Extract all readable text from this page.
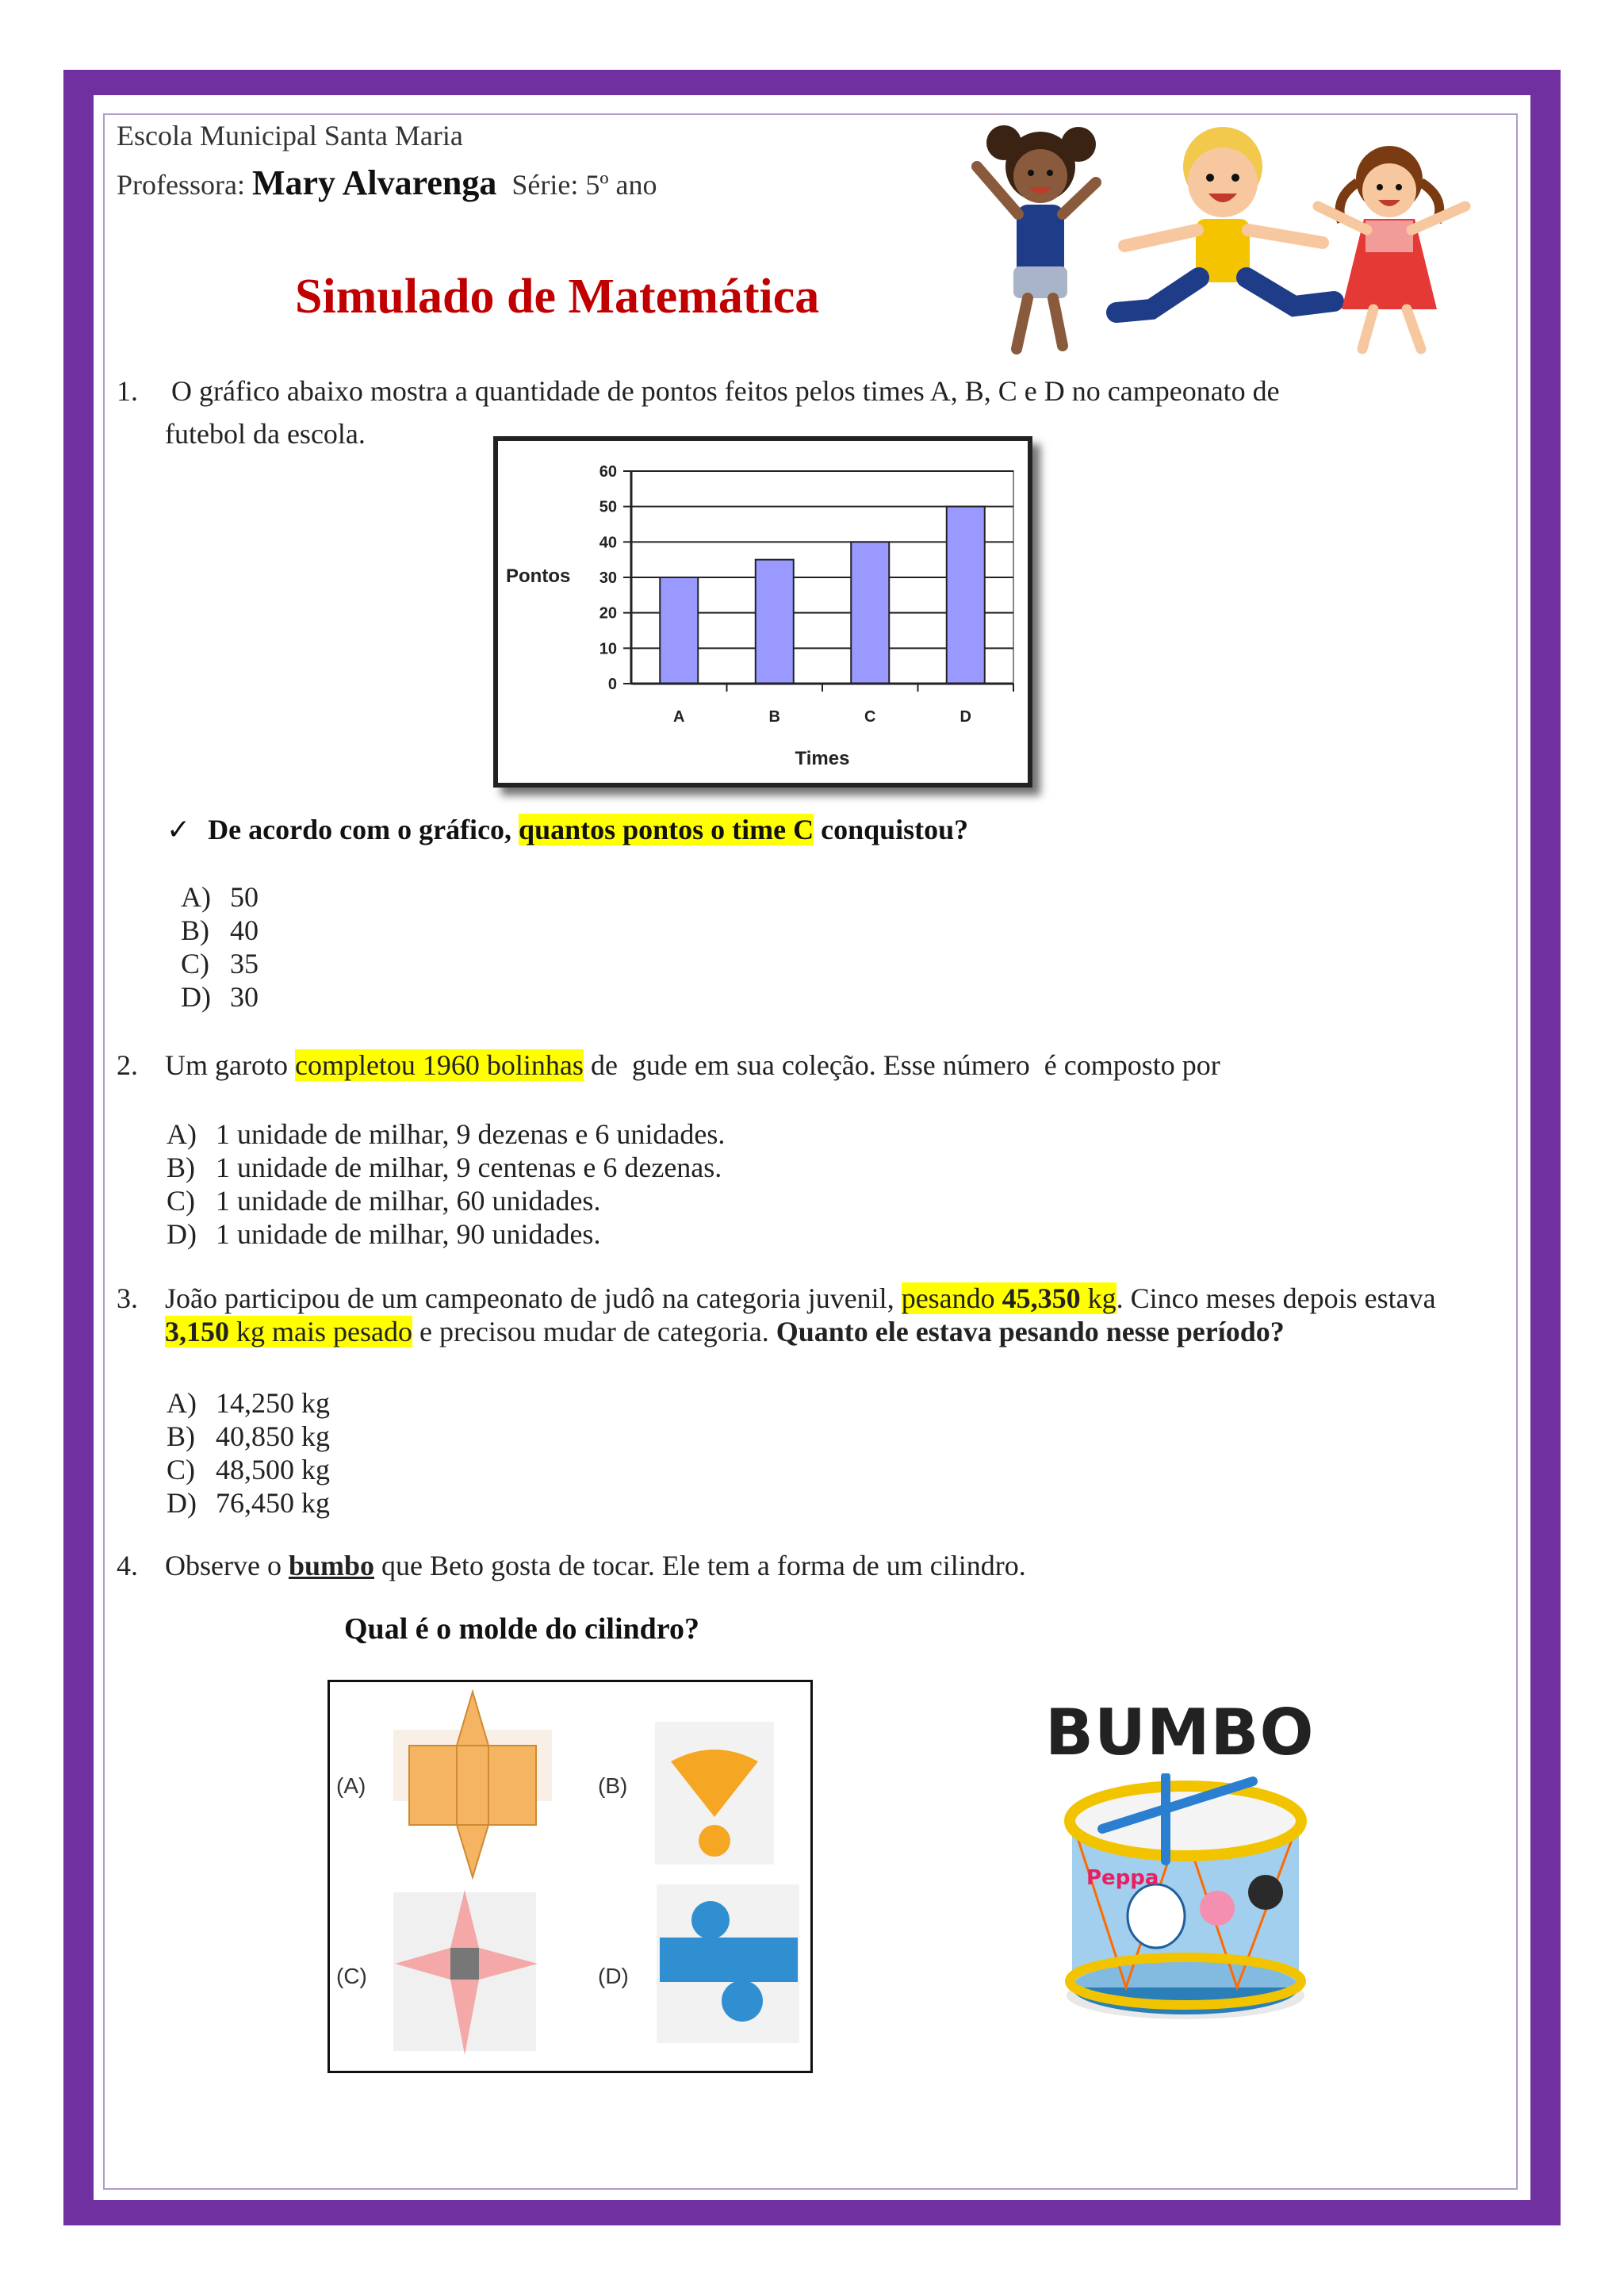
Escola Municipal Santa Maria
Professora: Mary Alvarenga Série: 5º ano
Simulado de Matemática
1. O gráfico abaixo mostra a quantidade de pontos feitos pelos times A, B, C e D no campeonato de
futebol da escola.
0
10
20
30
40
50
60
A	B	C	D
Pontos
Times
✓ De acordo com o gráfico, quantos pontos o time C conquistou?
A) 50
B) 40
C) 35
D) 30
2. Um garoto completou 1960 bolinhas de  gude em sua coleção. Esse número  é composto por
A) 1 unidade de milhar, 9 dezenas e 6 unidades.
B) 1 unidade de milhar, 9 centenas e 6 dezenas.
C) 1 unidade de milhar, 60 unidades.
D) 1 unidade de milhar, 90 unidades.
3. João participou de um campeonato de judô na categoria juvenil, pesando 45,350 kg. Cinco meses depois estava
3,150 kg mais pesado e precisou mudar de categoria. Quanto ele estava pesando nesse período?
A) 14,250 kg
B) 40,850 kg
C) 48,500 kg
D) 76,450 kg
4. Observe o bumbo que Beto gosta de tocar. Ele tem a forma de um cilindro.
Qual é o molde do cilindro?
(A)	(B)
(C)	(D)
BUMBO
Peppa
